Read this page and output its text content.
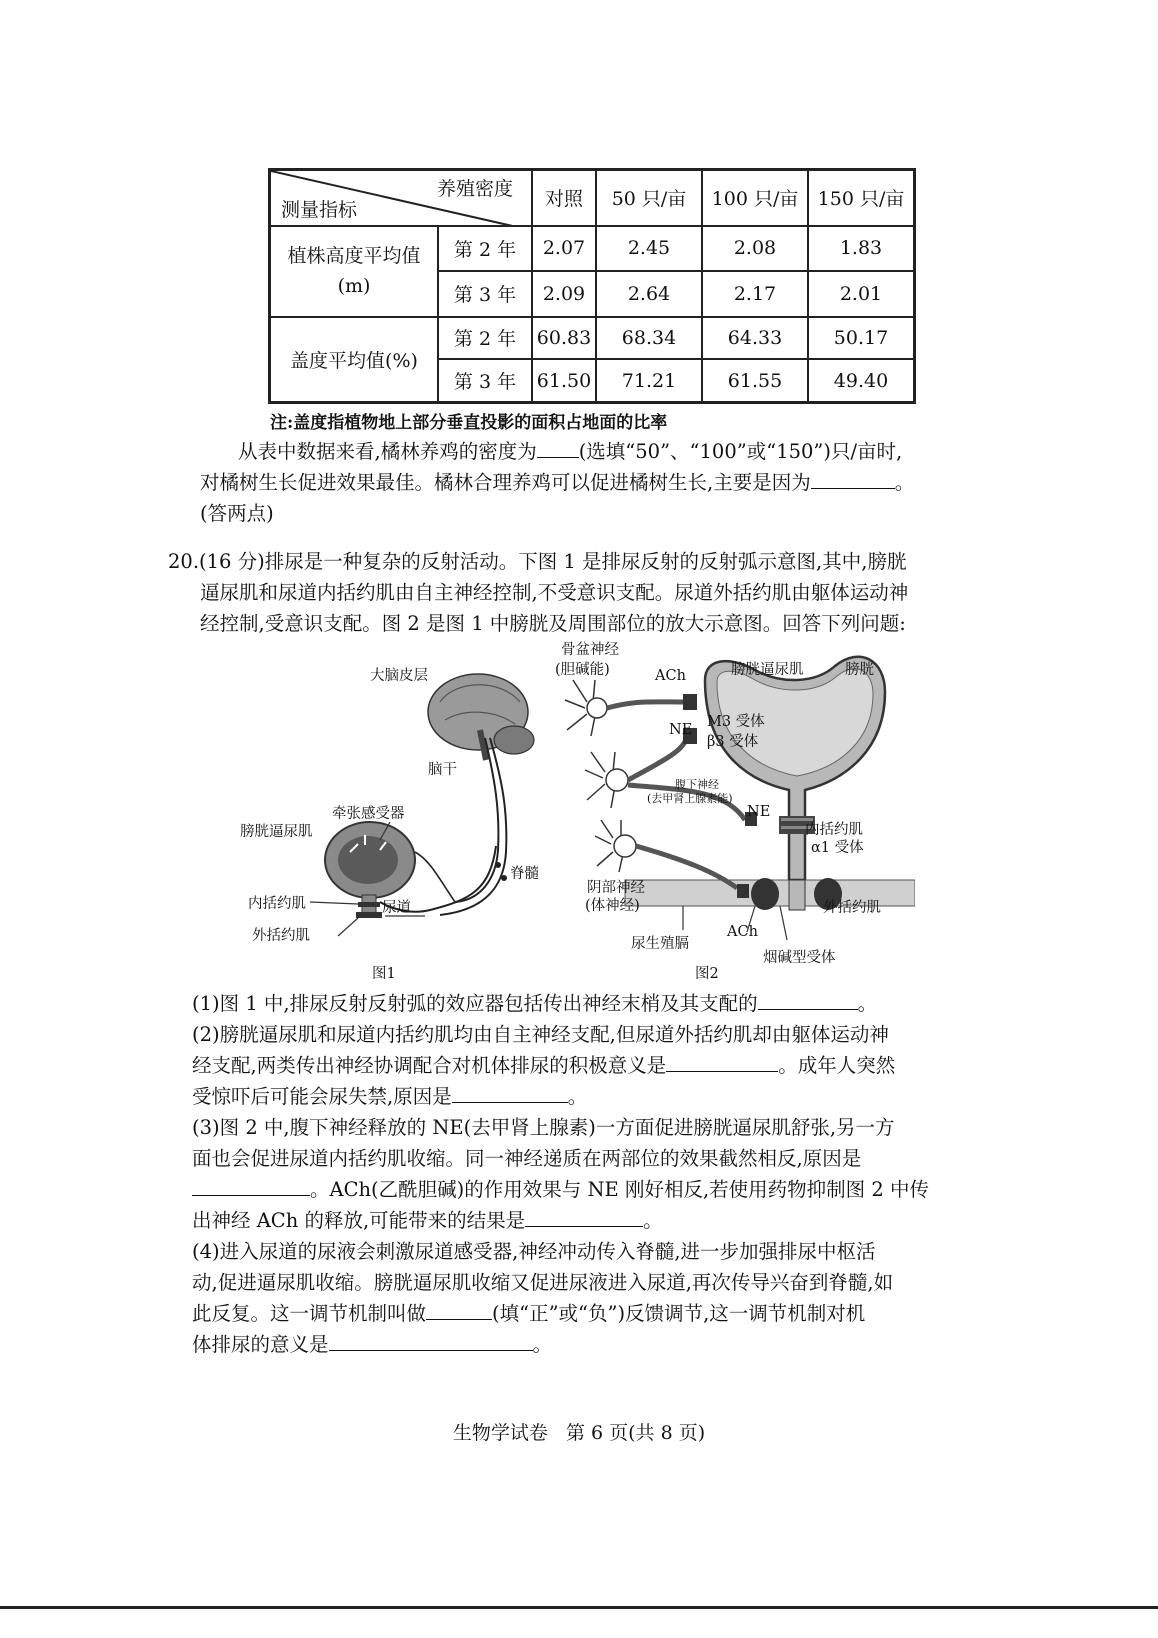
养殖密度
测量指标		对照	50 只/亩	100 只/亩	150 只/亩
植株高度平均值
(m)	第 2 年	2.07	2.45	2.08	1.83
	第 3 年	2.09	2.64	2.17	2.01
盖度平均值(%)	第 2 年	60.83	68.34	64.33	50.17
	第 3 年	61.50	71.21	61.55	49.40
注:盖度指植物地上部分垂直投影的面积占地面的比率
从表中数据来看,橘林养鸡的密度为 (选填“50”、“100”或“150”)只/亩时,
对橘树生长促进效果最佳。橘林合理养鸡可以促进橘树生长,主要是因为	。
(答两点)
20.(16 分)排尿是一种复杂的反射活动。下图 1 是排尿反射的反射弧示意图,其中,膀胱
逼尿肌和尿道内括约肌由自主神经控制,不受意识支配。尿道外括约肌由躯体运动神
经控制,受意识支配。图 2 是图 1 中膀胱及周围部位的放大示意图。回答下列问题:
大脑皮层
脑干
牵张感受器
膀胱逼尿肌
脊髓
内括约肌	尿道
外括约肌
图1
骨盆神经
(胆碱能)	ACh	膀胱逼尿肌	膀胱
M3 受体
NE
β3 受体
腹下神经
(去甲肾上腺素能)
NE
内括约肌
α1 受体
阴部神经
(体神经)	外括约肌
尿生殖膈
ACh
烟碱型受体
图2
(1)图 1 中,排尿反射反射弧的效应器包括传出神经末梢及其支配的	。
(2)膀胱逼尿肌和尿道内括约肌均由自主神经支配,但尿道外括约肌却由躯体运动神
经支配,两类传出神经协调配合对机体排尿的积极意义是	。成年人突然
受惊吓后可能会尿失禁,原因是	。
(3)图 2 中,腹下神经释放的 NE(去甲肾上腺素)一方面促进膀胱逼尿肌舒张,另一方
面也会促进尿道内括约肌收缩。同一神经递质在两部位的效果截然相反,原因是
。ACh(乙酰胆碱)的作用效果与 NE 刚好相反,若使用药物抑制图 2 中传
出神经 ACh 的释放,可能带来的结果是	。
(4)进入尿道的尿液会刺激尿道感受器,神经冲动传入脊髓,进一步加强排尿中枢活
动,促进逼尿肌收缩。膀胱逼尿肌收缩又促进尿液进入尿道,再次传导兴奋到脊髓,如
此反复。这一调节机制叫做	(填“正”或“负”)反馈调节,这一调节机制对机
体排尿的意义是	。
生物学试卷   第 6 页(共 8 页)
